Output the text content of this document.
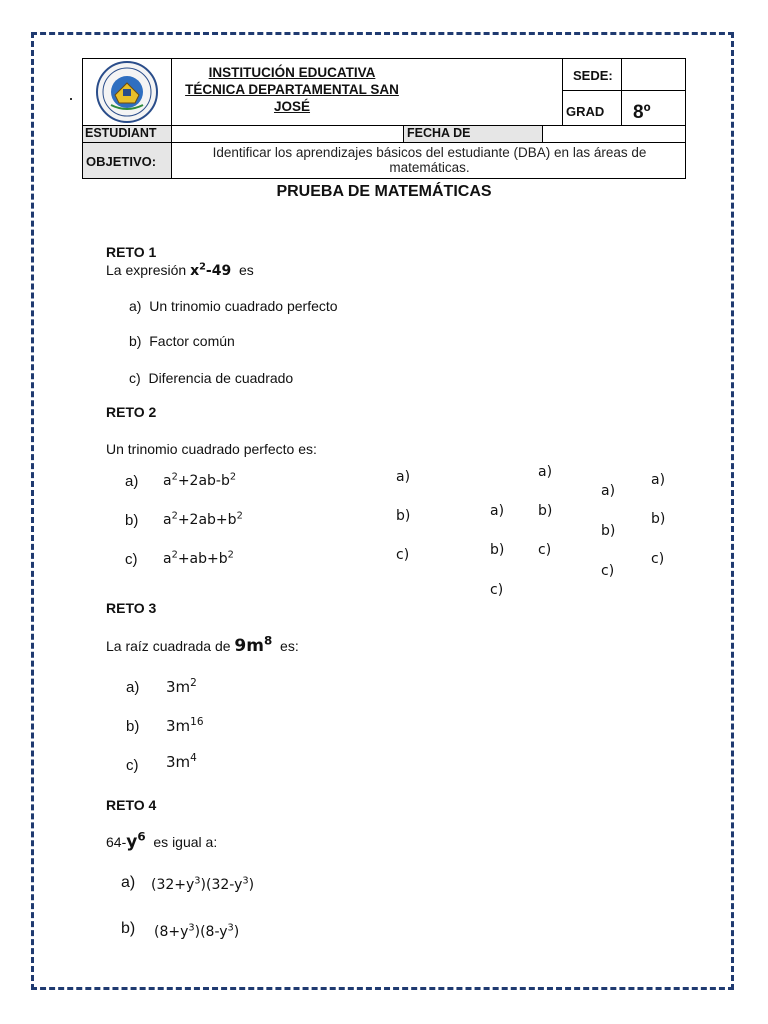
INSTITUCIÓN EDUCATIVA
TÉCNICA DEPARTAMENTAL SAN
JOSÉ
SEDE:
GRAD 8º
ESTUDIANT	FECHA DE
OBJETIVO:
Identificar los aprendizajes básicos del estudiante (DBA) en las áreas de matemáticas.
PRUEBA DE MATEMÁTICAS
RETO 1
La expresión $x^2-49$ es
a) Un trinomio cuadrado perfecto
b) Factor común
c) Diferencia de cuadrado
RETO 2
Un trinomio cuadrado perfecto es:
a) $a^2+2ab-b^2$
b) $a^2+2ab+b^2$
c) $a^2+ab+b^2$
a)
b)
c)
a)
b)
c)
a)
b)
c)
a)
b)
c)
a)
b)
c)
RETO 3
La raíz cuadrada de $9m^8$ es:
a) $3m^2$
b) $3m^{16}$
c) $3m^4$
RETO 4
$64-y^6$ es igual a:
a) $(32+y^3)(32-y^3)$
b) $(8+y^3)(8-y^3)$
